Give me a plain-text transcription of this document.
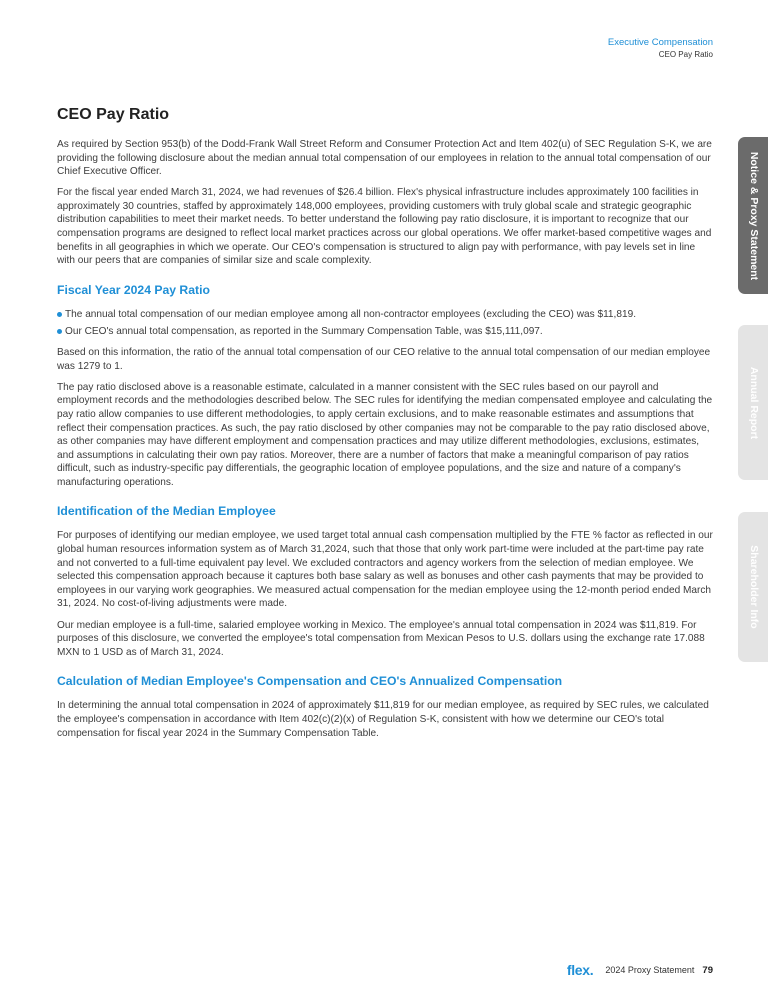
Executive Compensation
CEO Pay Ratio
CEO Pay Ratio

As required by Section 953(b) of the Dodd-Frank Wall Street Reform and Consumer Protection Act and Item 402(u) of SEC Regulation S-K, we are providing the following disclosure about the median annual total compensation of our employees in relation to the annual total compensation of our Chief Executive Officer.

For the fiscal year ended March 31, 2024, we had revenues of $26.4 billion. Flex's physical infrastructure includes approximately 100 facilities in approximately 30 countries, staffed by approximately 148,000 employees, providing customers with truly global scale and strategic geographic distribution capabilities to meet their market needs. To better understand the following pay ratio disclosure, it is important to recognize that our compensation programs are designed to reflect local market practices across our global operations. We offer market-based competitive wages and benefits in all geographies in which we operate. Our CEO's compensation is structured to align pay with performance, with pay levels set in line with our peers that are companies of similar size and scale complexity.

Fiscal Year 2024 Pay Ratio
The annual total compensation of our median employee among all non-contractor employees (excluding the CEO) was $11,819.
Our CEO's annual total compensation, as reported in the Summary Compensation Table, was $15,111,097.

Based on this information, the ratio of the annual total compensation of our CEO relative to the annual total compensation of our median employee was 1279 to 1.

The pay ratio disclosed above is a reasonable estimate, calculated in a manner consistent with the SEC rules based on our payroll and employment records and the methodologies described below. The SEC rules for identifying the median compensated employee and calculating the pay ratio allow companies to use different methodologies, to apply certain exclusions, and to make reasonable estimates and assumptions that reflect their compensation practices. As such, the pay ratio disclosed by other companies may not be comparable to the pay ratio disclosed above, as other companies may have different employment and compensation practices and may utilize different methodologies, exclusions, estimates, and assumptions in calculating their own pay ratios. Moreover, there are a number of factors that make a meaningful comparison of pay ratios difficult, such as industry-specific pay differentials, the geographic location of employee populations, and the size and nature of a company's manufacturing operations.

Identification of the Median Employee

For purposes of identifying our median employee, we used target total annual cash compensation multiplied by the FTE % factor as reflected in our global human resources information system as of March 31,2024, such that those that only work part-time were included at the part-time pay rate and not converted to a full-time equivalent pay level. We excluded contractors and agency workers from the selection of median employee. We selected this compensation approach because it captures both base salary as well as bonuses and other cash payments that may be provided to employees in our varying work geographies. We measured actual compensation for the median employee using the 12-month period ended March 31, 2024. No cost-of-living adjustments were made.

Our median employee is a full-time, salaried employee working in Mexico. The employee's annual total compensation in 2024 was $11,819. For purposes of this disclosure, we converted the employee's total compensation from Mexican Pesos to U.S. dollars using the exchange rate 17.088 MXN to 1 USD as of March 31, 2024.

Calculation of Median Employee's Compensation and CEO's Annualized Compensation

In determining the annual total compensation in 2024 of approximately $11,819 for our median employee, as required by SEC rules, we calculated the employee's compensation in accordance with Item 402(c)(2)(x) of Regulation S-K, consistent with how we determine our CEO's total compensation for fiscal year 2024 in the Summary Compensation Table.

Notice & Proxy Statement
Annual Report
Shareholder Info
flex. 2024 Proxy Statement 79
